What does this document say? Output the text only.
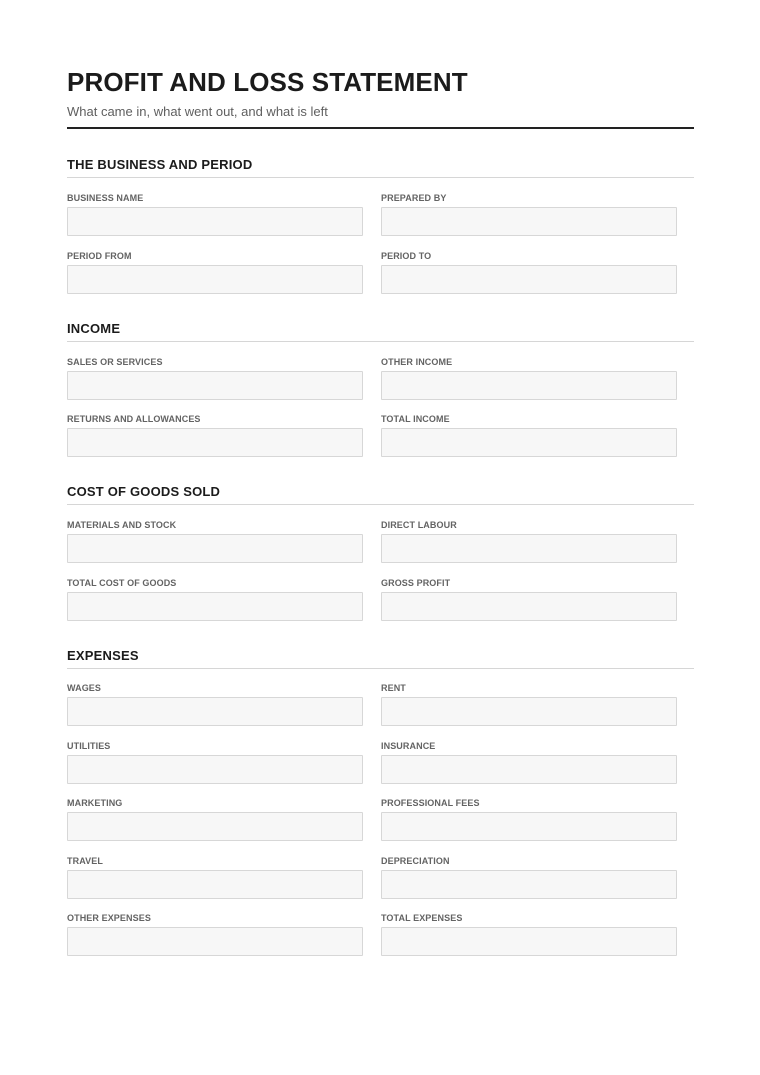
PROFIT AND LOSS STATEMENT
What came in, what went out, and what is left
THE BUSINESS AND PERIOD
BUSINESS NAME	PREPARED BY
PERIOD FROM	PERIOD TO
INCOME
SALES OR SERVICES	OTHER INCOME
RETURNS AND ALLOWANCES	TOTAL INCOME
COST OF GOODS SOLD
MATERIALS AND STOCK	DIRECT LABOUR
TOTAL COST OF GOODS	GROSS PROFIT
EXPENSES
WAGES	RENT
UTILITIES	INSURANCE
MARKETING	PROFESSIONAL FEES
TRAVEL	DEPRECIATION
OTHER EXPENSES	TOTAL EXPENSES
